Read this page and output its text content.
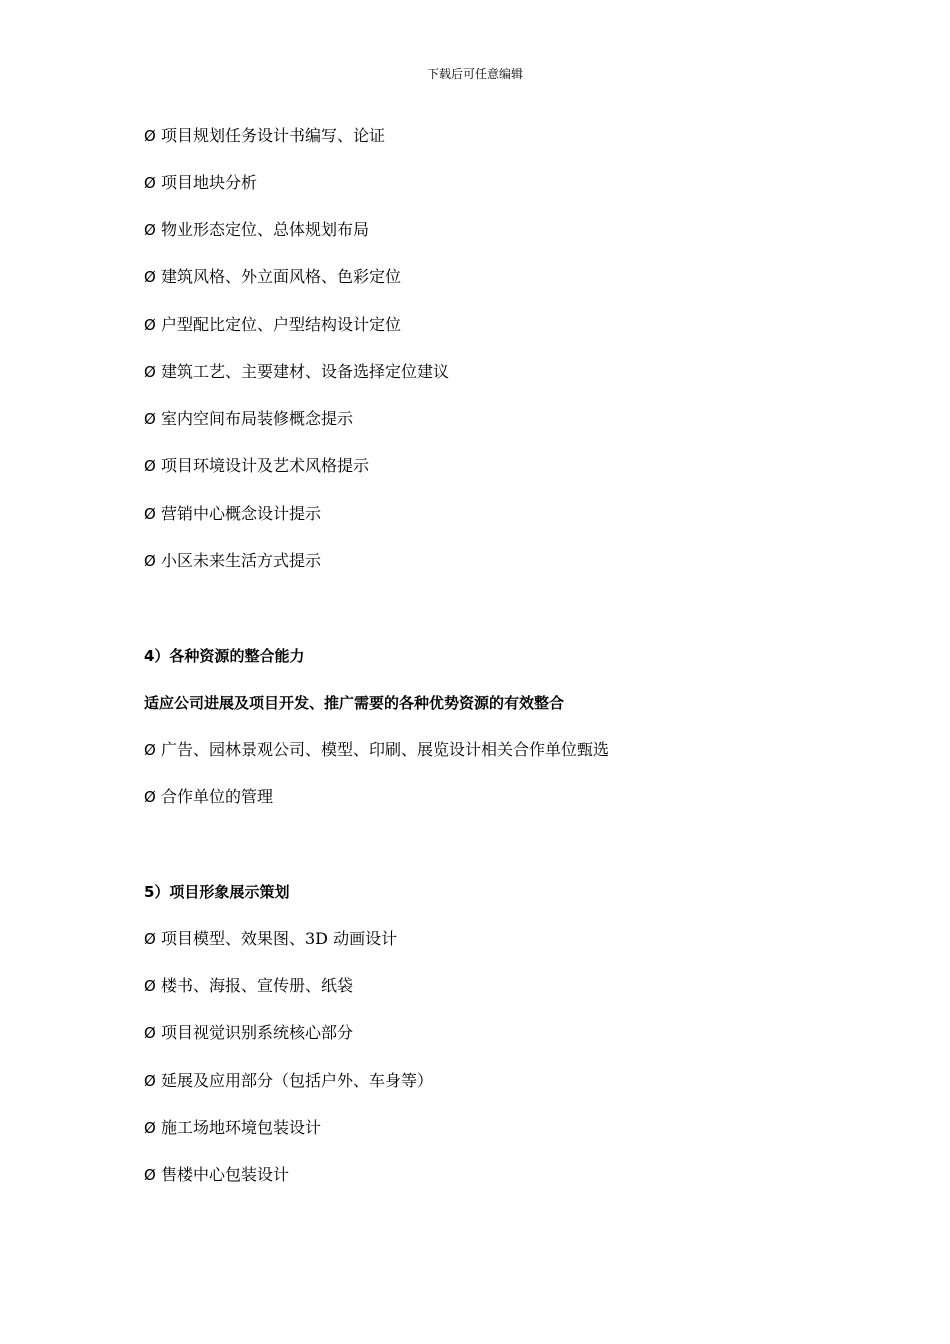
下载后可任意编辑
Ø 项目规划任务设计书编写、论证
Ø 项目地块分析
Ø 物业形态定位、总体规划布局
Ø 建筑风格、外立面风格、色彩定位
Ø 户型配比定位、户型结构设计定位
Ø 建筑工艺、主要建材、设备选择定位建议
Ø 室内空间布局装修概念提示
Ø 项目环境设计及艺术风格提示
Ø 营销中心概念设计提示
Ø 小区未来生活方式提示
4）各种资源的整合能力
适应公司进展及项目开发、推广需要的各种优势资源的有效整合
Ø 广告、园林景观公司、模型、印刷、展览设计相关合作单位甄选
Ø 合作单位的管理
5）项目形象展示策划
Ø 项目模型、效果图、3D 动画设计
Ø 楼书、海报、宣传册、纸袋
Ø 项目视觉识别系统核心部分
Ø 延展及应用部分（包括户外、车身等）
Ø 施工场地环境包装设计
Ø 售楼中心包装设计
